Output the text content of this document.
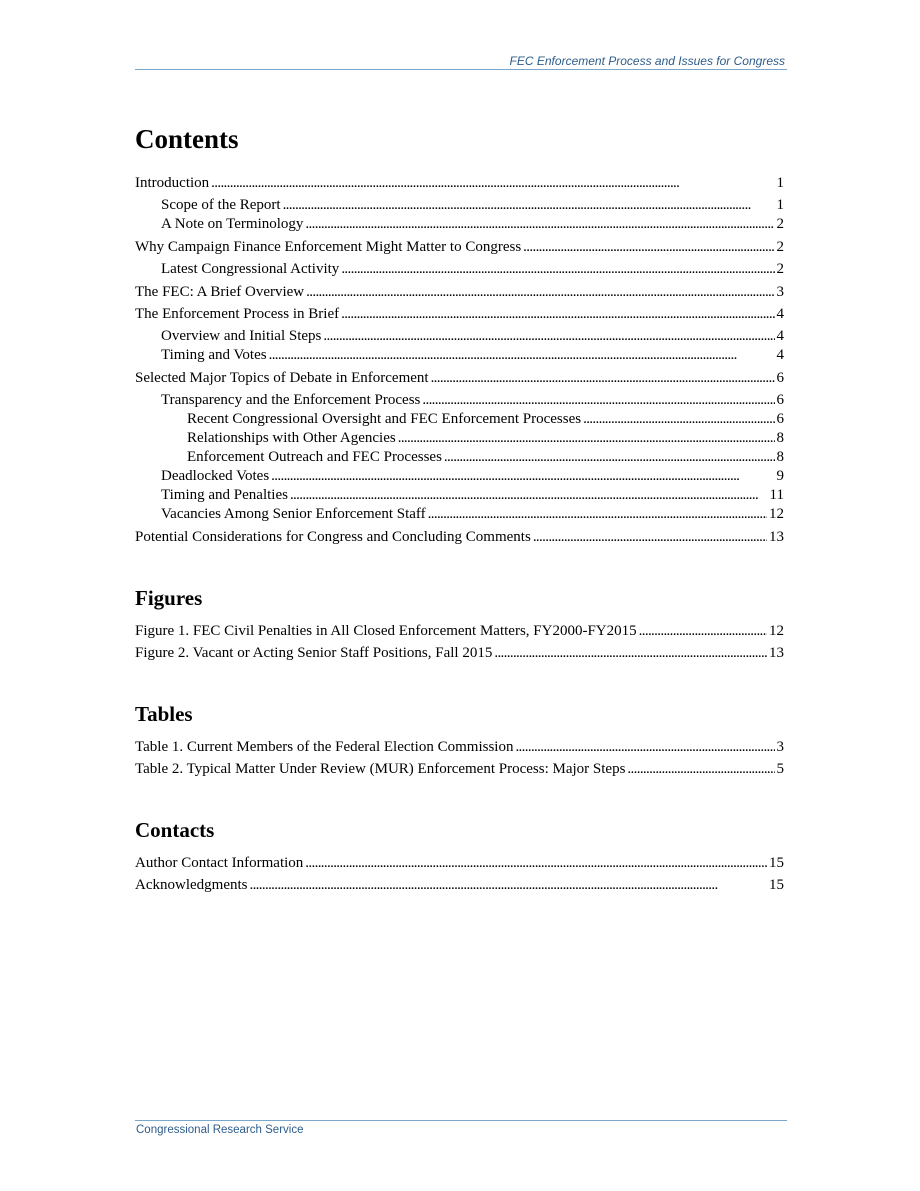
FEC Enforcement Process and Issues for Congress
Contents
Introduction . . .	1
Scope of the Report . . .	1
A Note on Terminology . . .	2
Why Campaign Finance Enforcement Might Matter to Congress . . .	2
Latest Congressional Activity . . .	2
The FEC: A Brief Overview . . .	3
The Enforcement Process in Brief . . .	4
Overview and Initial Steps . . .	4
Timing and Votes . . .	4
Selected Major Topics of Debate in Enforcement . . .	6
Transparency and the Enforcement Process . . .	6
Recent Congressional Oversight and FEC Enforcement Processes . . .	6
Relationships with Other Agencies . . .	8
Enforcement Outreach and FEC Processes . . .	8
Deadlocked Votes . . .	9
Timing and Penalties . . .	11
Vacancies Among Senior Enforcement Staff . . .	12
Potential Considerations for Congress and Concluding Comments . . .	13
Figures
Figure 1. FEC Civil Penalties in All Closed Enforcement Matters, FY2000-FY2015 . . .	12
Figure 2. Vacant or Acting Senior Staff Positions, Fall 2015 . . .	13
Tables
Table 1. Current Members of the Federal Election Commission . . .	3
Table 2. Typical Matter Under Review (MUR) Enforcement Process: Major Steps . . .	5
Contacts
Author Contact Information . . .	15
Acknowledgments . . .	15
Congressional Research Service
